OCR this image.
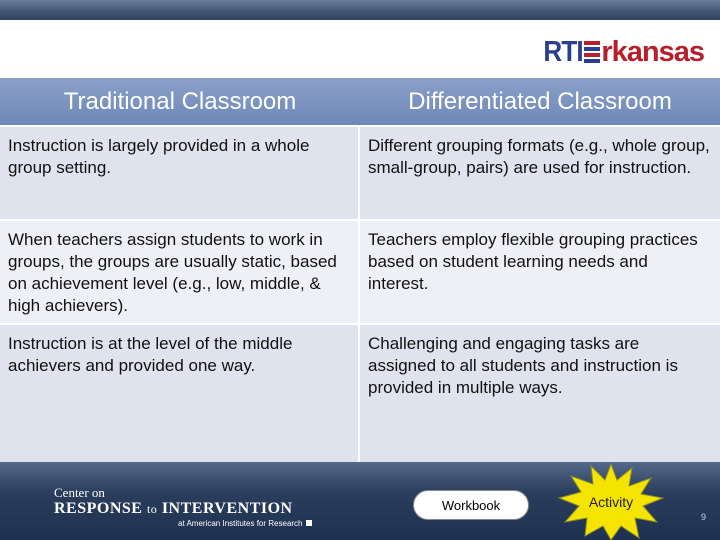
RTI rkansas
Traditional Classroom	Differentiated Classroom
Instruction is largely provided in a whole group setting.
Different grouping formats (e.g., whole group, small-group, pairs) are used for instruction.
When teachers assign students to work in groups, the groups are usually static, based on achievement level (e.g., low, middle, & high achievers).
Teachers employ flexible grouping practices based on student learning needs and interest.
Instruction is at the level of the middle achievers and provided one way.
Challenging and engaging tasks are assigned to all students and instruction is provided in multiple ways.
Center on
RESPONSE to INTERVENTION
at American Institutes for Research
9
Workbook	Activity
